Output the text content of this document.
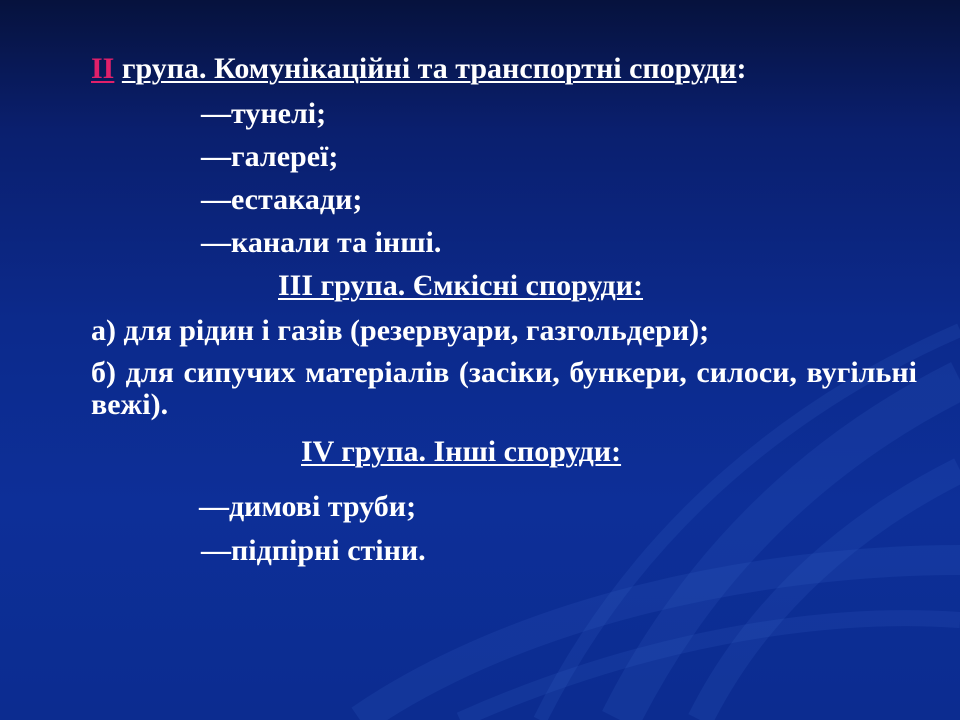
II група. Комунікаційні та транспортні споруди:
—тунелі;
—галереї;
—естакади;
—канали та інші.
III група. Ємкісні споруди:
а) для рідин і газів (резервуари, газгольдери);
б) для сипучих матеріалів (засіки, бункери, силоси, вугільні вежі).
IV група. Інші споруди:
—димові труби;
—підпірні стіни.
